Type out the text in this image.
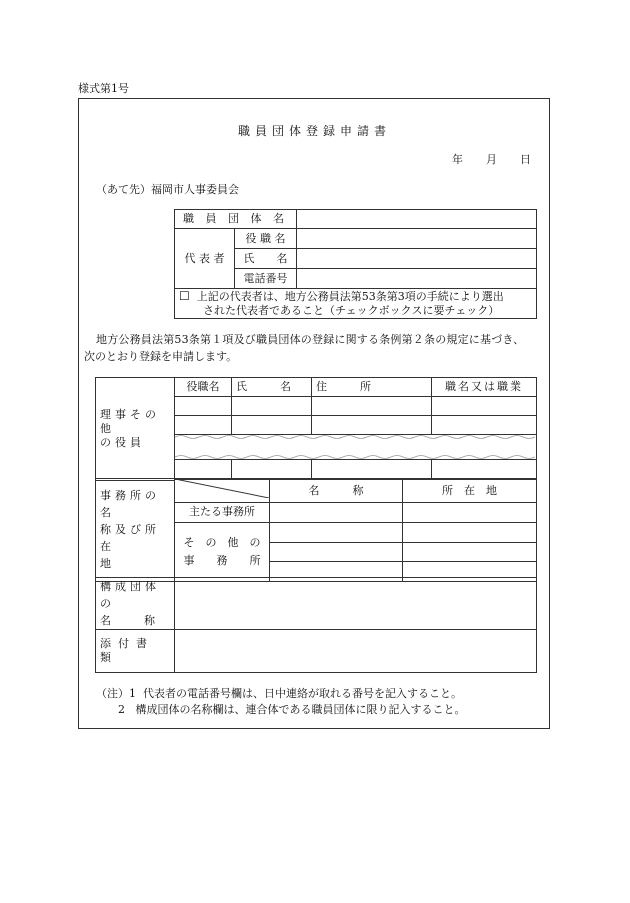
様式第1号
職員団体登録申請書
年 月 日
（あて先）福岡市人事委員会
職 員 団 体 名		
代 表 者	役 職 名	
	氏　　名	
	電話番号	

☐ 上記の代表者は、地方公務員法第53条第3項の手続により選出
された代表者であること（チェックボックスに要チェック）		
地方公務員法第53条第１項及び職員団体の登録に関する条例第２条の規定に基づき、
次のとおり登録を申請します。
理事その他
の役員	役職名	氏　　　名	住　　　所	職名又は職業

事務所の名
称及び所在
地		名　　　称	所　在　地
	主たる事務所		

	そ　の　他　の
事　　務　　所		

構成団体の
名　　　称	

添付書類	
（注）1 代表者の電話番号欄は、日中連絡が取れる番号を記入すること。
2 構成団体の名称欄は、連合体である職員団体に限り記入すること。
